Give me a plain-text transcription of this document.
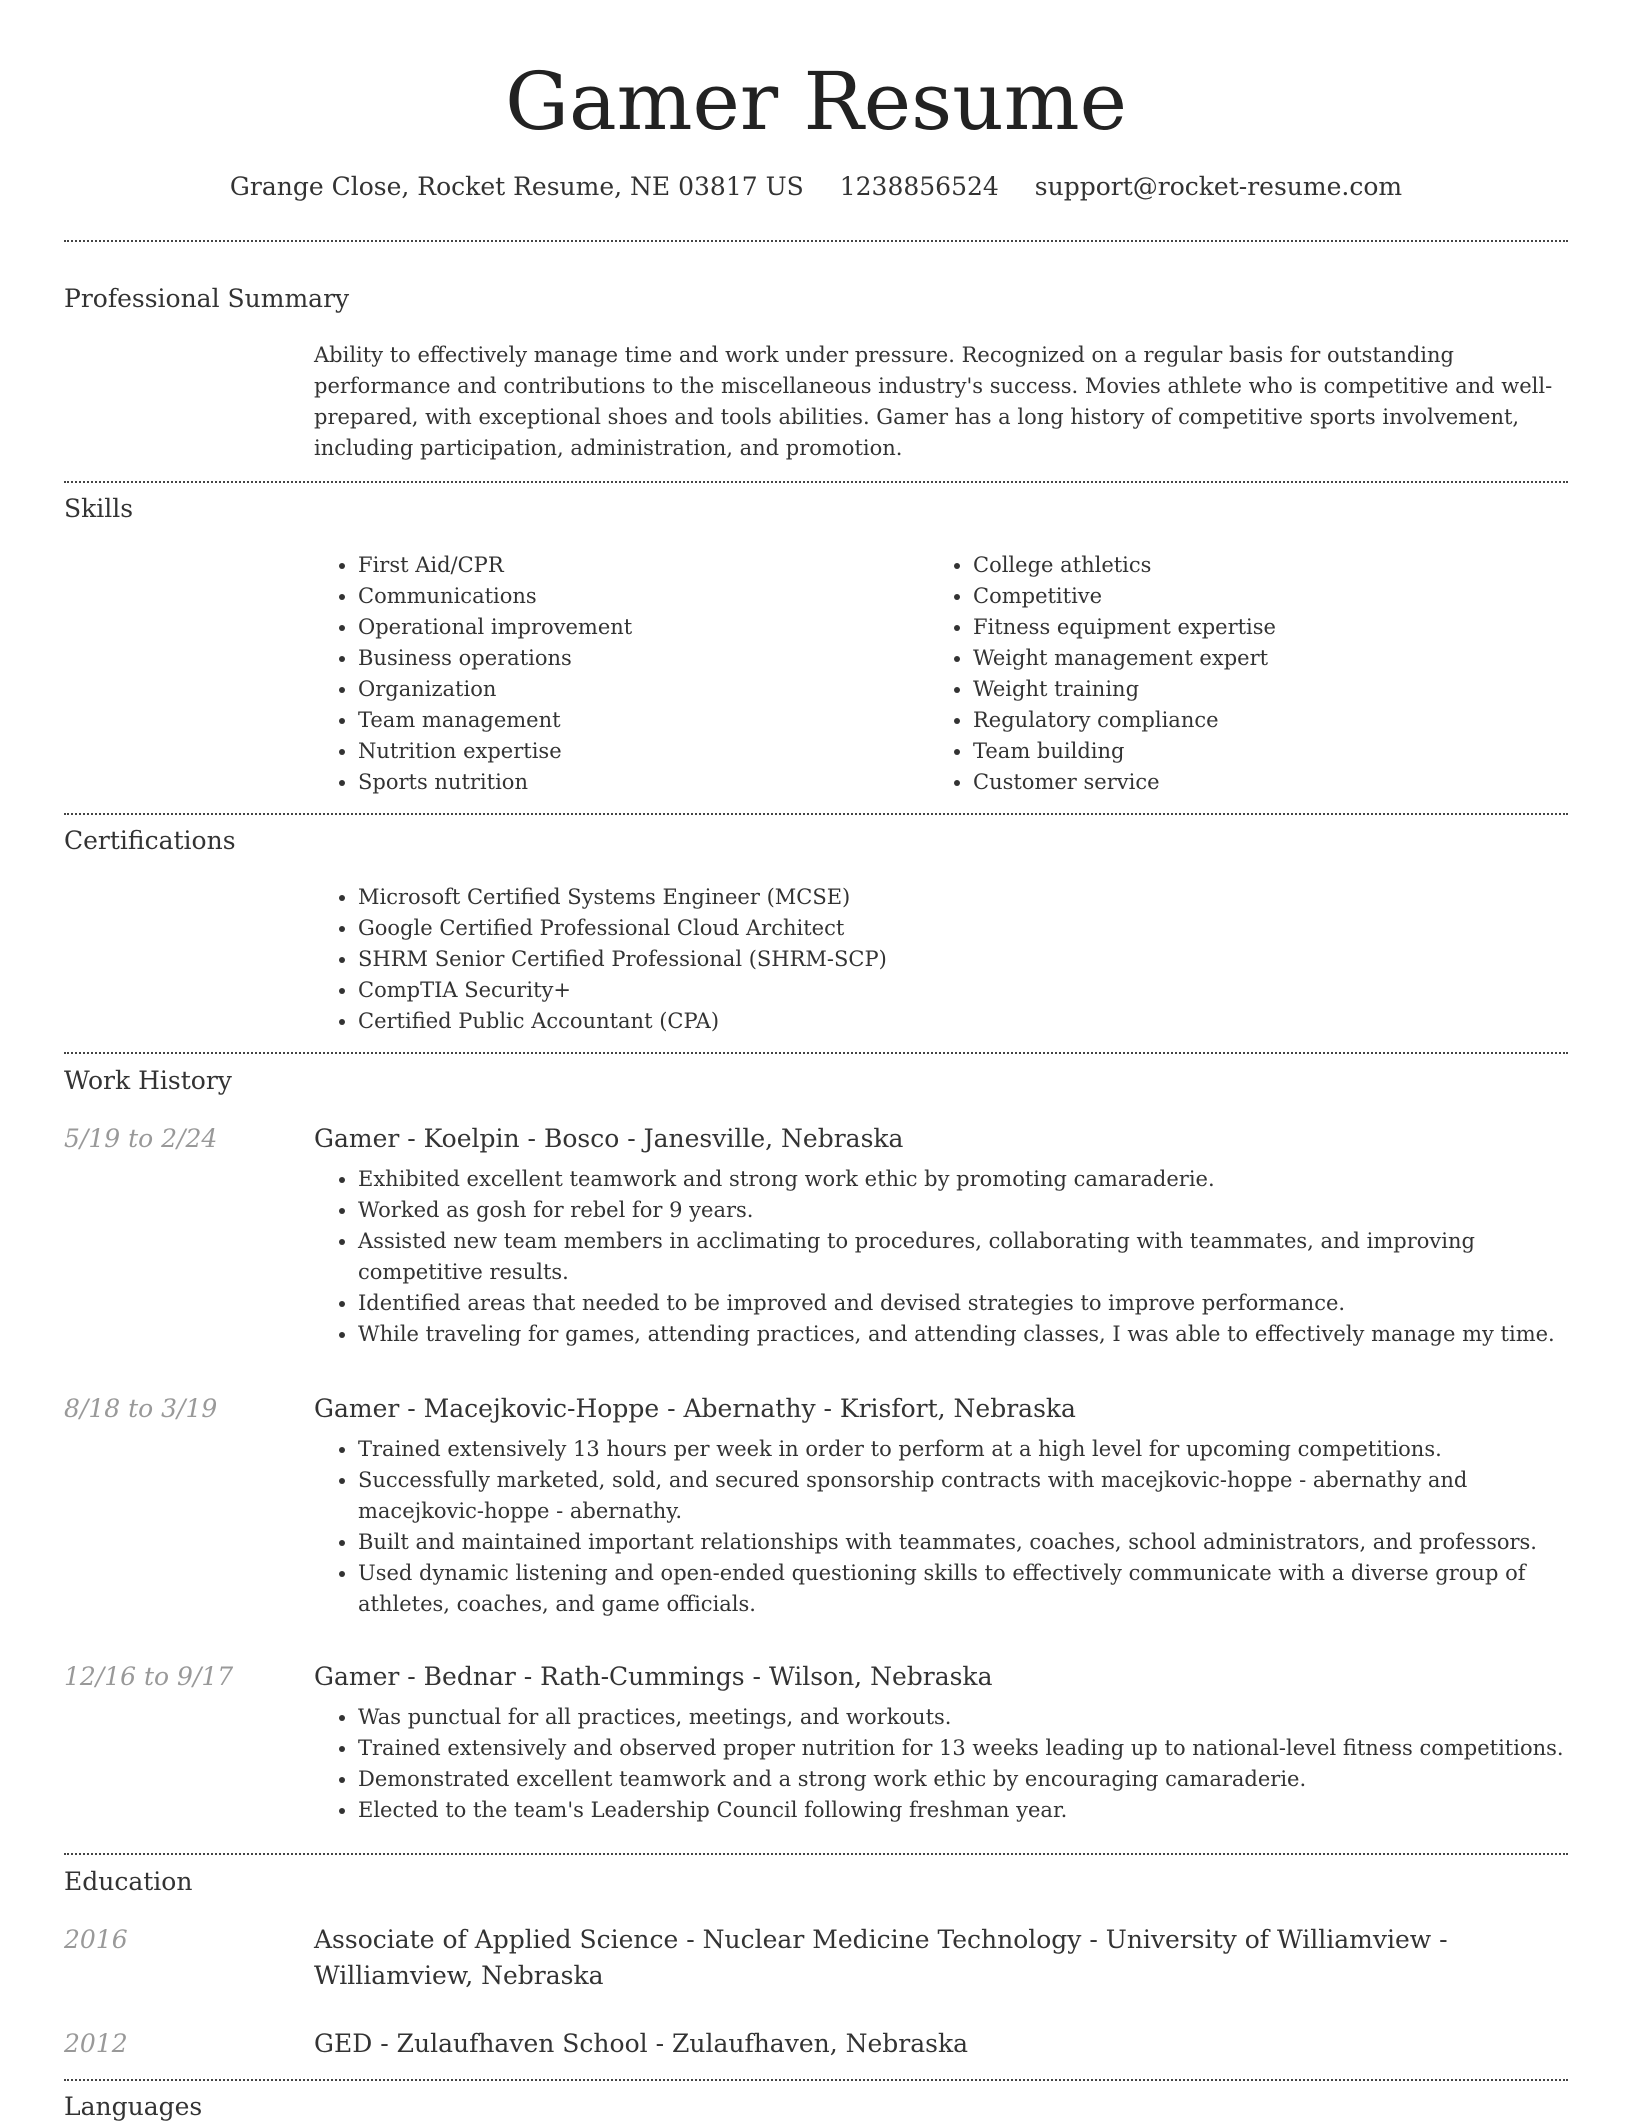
Gamer Resume
Grange Close, Rocket Resume, NE 03817 US 1238856524 support@rocket-resume.com
Professional Summary

Ability to effectively manage time and work under pressure. Recognized on a regular basis for outstanding performance and contributions to the miscellaneous industry's success. Movies athlete who is competitive and well-prepared, with exceptional shoes and tools abilities. Gamer has a long history of competitive sports involvement, including participation, administration, and promotion.

Skills
• First Aid/CPR
• Communications
• Operational improvement
• Business operations
• Organization
• Team management
• Nutrition expertise
• Sports nutrition
• College athletics
• Competitive
• Fitness equipment expertise
• Weight management expert
• Weight training
• Regulatory compliance
• Team building
• Customer service
Certifications
• Microsoft Certified Systems Engineer (MCSE)
• Google Certified Professional Cloud Architect
• SHRM Senior Certified Professional (SHRM-SCP)
• CompTIA Security+
• Certified Public Accountant (CPA)
Work History
5/19 to 2/24	Gamer - Koelpin - Bosco - Janesville, Nebraska
• Exhibited excellent teamwork and strong work ethic by promoting camaraderie.
• Worked as gosh for rebel for 9 years.
• Assisted new team members in acclimating to procedures, collaborating with teammates, and improving competitive results.
• Identified areas that needed to be improved and devised strategies to improve performance.
• While traveling for games, attending practices, and attending classes, I was able to effectively manage my time.
8/18 to 3/19	Gamer - Macejkovic-Hoppe - Abernathy - Krisfort, Nebraska
• Trained extensively 13 hours per week in order to perform at a high level for upcoming competitions.
• Successfully marketed, sold, and secured sponsorship contracts with macejkovic-hoppe - abernathy and macejkovic-hoppe - abernathy.
• Built and maintained important relationships with teammates, coaches, school administrators, and professors.
• Used dynamic listening and open-ended questioning skills to effectively communicate with a diverse group of athletes, coaches, and game officials.
12/16 to 9/17	Gamer - Bednar - Rath-Cummings - Wilson, Nebraska
• Was punctual for all practices, meetings, and workouts.
• Trained extensively and observed proper nutrition for 13 weeks leading up to national-level fitness competitions.
• Demonstrated excellent teamwork and a strong work ethic by encouraging camaraderie.
• Elected to the team's Leadership Council following freshman year.
Education
2016	Associate of Applied Science - Nuclear Medicine Technology - University of Williamview - Williamview, Nebraska
2012	GED - Zulaufhaven School - Zulaufhaven, Nebraska
Languages
